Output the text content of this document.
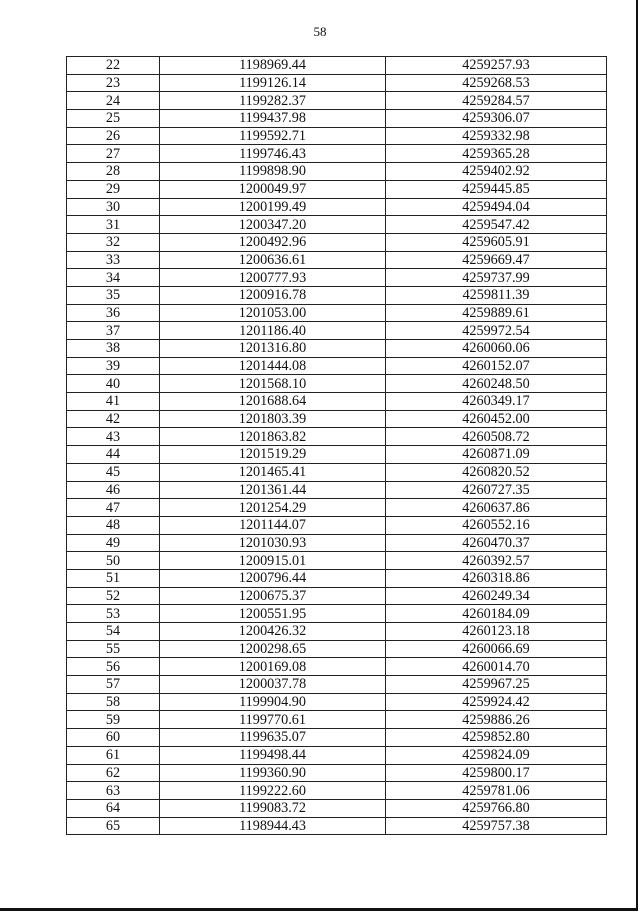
58
22	1198969.44	4259257.93
23	1199126.14	4259268.53
24	1199282.37	4259284.57
25	1199437.98	4259306.07
26	1199592.71	4259332.98
27	1199746.43	4259365.28
28	1199898.90	4259402.92
29	1200049.97	4259445.85
30	1200199.49	4259494.04
31	1200347.20	4259547.42
32	1200492.96	4259605.91
33	1200636.61	4259669.47
34	1200777.93	4259737.99
35	1200916.78	4259811.39
36	1201053.00	4259889.61
37	1201186.40	4259972.54
38	1201316.80	4260060.06
39	1201444.08	4260152.07
40	1201568.10	4260248.50
41	1201688.64	4260349.17
42	1201803.39	4260452.00
43	1201863.82	4260508.72
44	1201519.29	4260871.09
45	1201465.41	4260820.52
46	1201361.44	4260727.35
47	1201254.29	4260637.86
48	1201144.07	4260552.16
49	1201030.93	4260470.37
50	1200915.01	4260392.57
51	1200796.44	4260318.86
52	1200675.37	4260249.34
53	1200551.95	4260184.09
54	1200426.32	4260123.18
55	1200298.65	4260066.69
56	1200169.08	4260014.70
57	1200037.78	4259967.25
58	1199904.90	4259924.42
59	1199770.61	4259886.26
60	1199635.07	4259852.80
61	1199498.44	4259824.09
62	1199360.90	4259800.17
63	1199222.60	4259781.06
64	1199083.72	4259766.80
65	1198944.43	4259757.38
